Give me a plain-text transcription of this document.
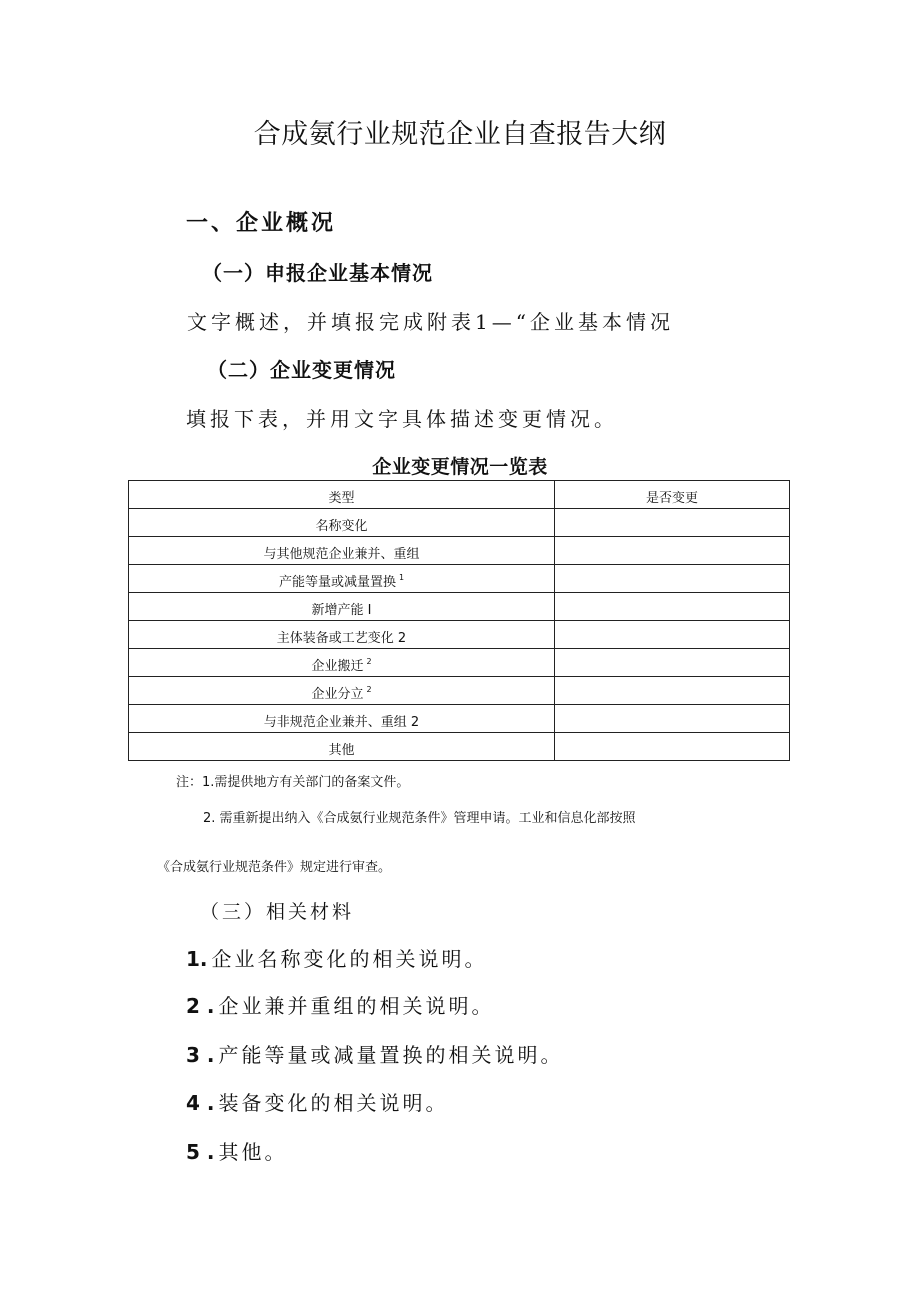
合成氨行业规范企业自查报告大纲
一、企业概况
（一）申报企业基本情况
文字概述，并填报完成附表1—“企业基本情况
（二）企业变更情况
填报下表，并用文字具体描述变更情况。
企业变更情况一览表
类型	是否变更
名称变化	
与其他规范企业兼并、重组	
产能等量或减量置换 $^1$	
新增产能 I	
主体装备或工艺变化 2	
企业搬迁 $^2$	
企业分立 $^2$	
与非规范企业兼并、重组 2	
其他	
注：1.需提供地方有关部门的备案文件。
2. 需重新提出纳入《合成氨行业规范条件》管理申请。工业和信息化部按照
《合成氨行业规范条件》规定进行审查。
（三）相关材料
1. 企业名称变化的相关说明。
2 . 企业兼并重组的相关说明。
3 . 产能等量或减量置换的相关说明。
4 . 装备变化的相关说明。
5 . 其他。
